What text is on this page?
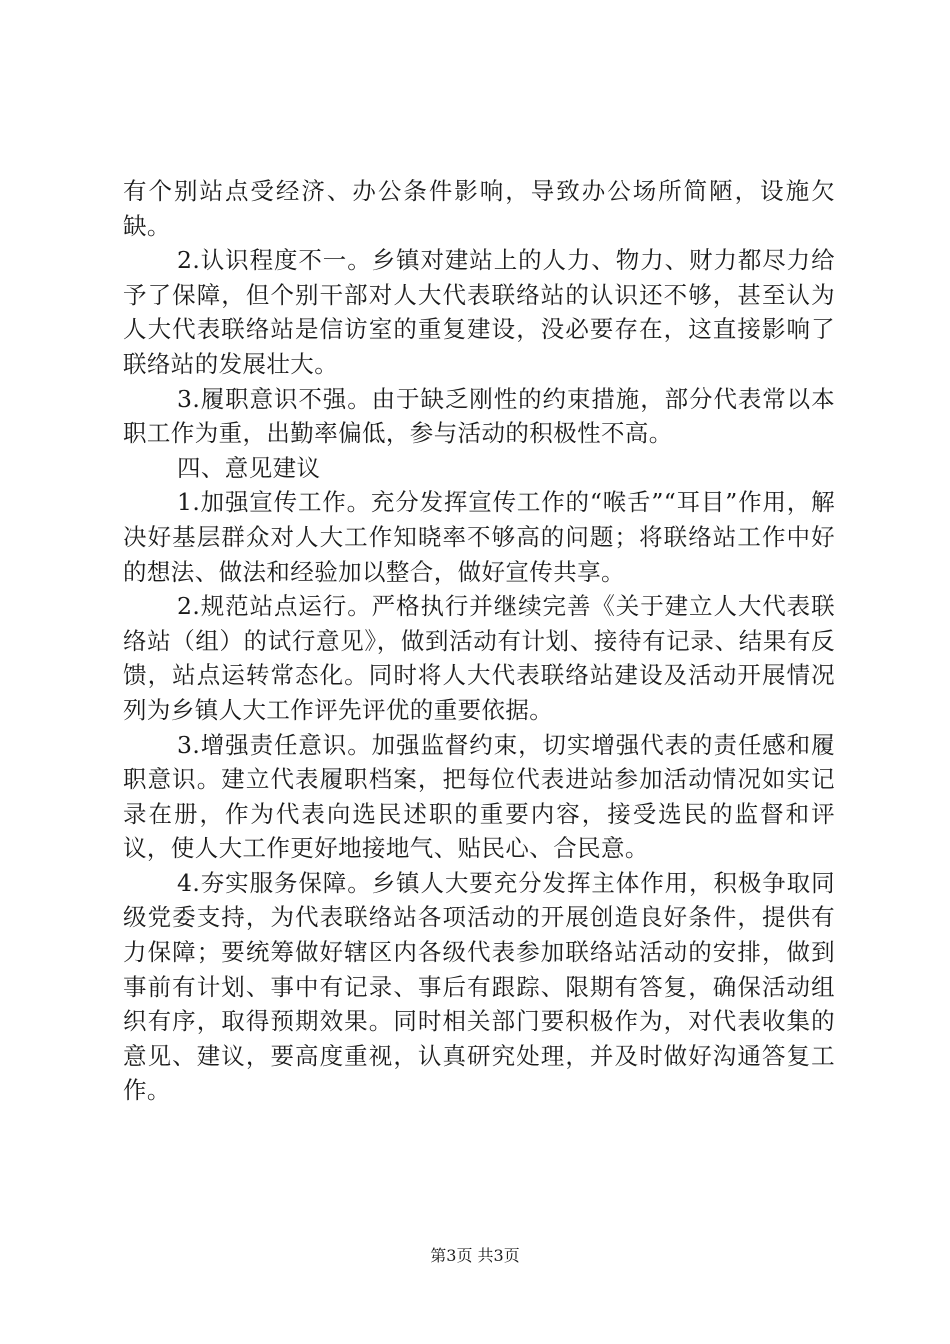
有个别站点受经济、办公条件影响，导致办公场所简陋，设施欠缺。

2.认识程度不一。乡镇对建站上的人力、物力、财力都尽力给予了保障，但个别干部对人大代表联络站的认识还不够，甚至认为人大代表联络站是信访室的重复建设，没必要存在，这直接影响了联络站的发展壮大。

3.履职意识不强。由于缺乏刚性的约束措施，部分代表常以本职工作为重，出勤率偏低，参与活动的积极性不高。

四、意见建议

1.加强宣传工作。充分发挥宣传工作的“喉舌”“耳目”作用，解决好基层群众对人大工作知晓率不够高的问题；将联络站工作中好的想法、做法和经验加以整合，做好宣传共享。

2.规范站点运行。严格执行并继续完善《关于建立人大代表联络站（组）的试行意见》，做到活动有计划、接待有记录、结果有反馈，站点运转常态化。同时将人大代表联络站建设及活动开展情况列为乡镇人大工作评先评优的重要依据。

3.增强责任意识。加强监督约束，切实增强代表的责任感和履职意识。建立代表履职档案，把每位代表进站参加活动情况如实记录在册，作为代表向选民述职的重要内容，接受选民的监督和评议，使人大工作更好地接地气、贴民心、合民意。

4.夯实服务保障。乡镇人大要充分发挥主体作用，积极争取同级党委支持，为代表联络站各项活动的开展创造良好条件，提供有力保障；要统筹做好辖区内各级代表参加联络站活动的安排，做到事前有计划、事中有记录、事后有跟踪、限期有答复，确保活动组织有序，取得预期效果。同时相关部门要积极作为，对代表收集的意见、建议，要高度重视，认真研究处理，并及时做好沟通答复工作。

第3页 共3页
